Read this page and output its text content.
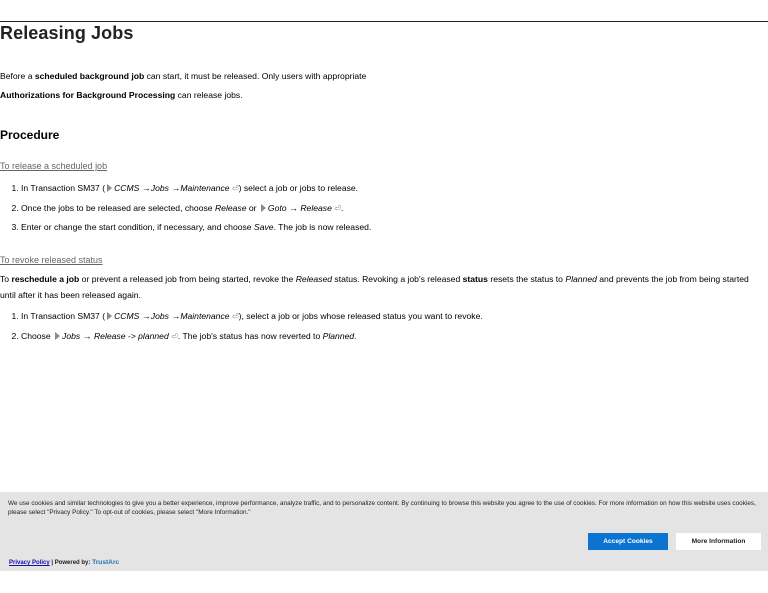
Releasing Jobs
Before a scheduled background job can start, it must be released. Only users with appropriate
Authorizations for Background Processing can release jobs.
Procedure
To release a scheduled job
1. In Transaction SM37 ( CCMS →Jobs →Maintenance ⏎) select a job or jobs to release.
2. Once the jobs to be released are selected, choose Release or Goto → Release ⏎.
3. Enter or change the start condition, if necessary, and choose Save. The job is now released.
To revoke released status
To reschedule a job or prevent a released job from being started, revoke the Released status. Revoking a job's released status resets the status to Planned and prevents the job from being started until after it has been released again.
1. In Transaction SM37 ( CCMS →Jobs →Maintenance ⏎), select a job or jobs whose released status you want to revoke.
2. Choose Jobs → Release -> planned ⏎. The job's status has now reverted to Planned.
We use cookies and similar technologies to give you a better experience, improve performance, analyze traffic, and to personalize content. By continuing to browse this website you agree to the use of cookies. For more information on how this website uses cookies, please select "Privacy Policy." To opt-out of cookies, please select "More Information."
Accept Cookies	More Information
Privacy Policy | Powered by: TrustArc
